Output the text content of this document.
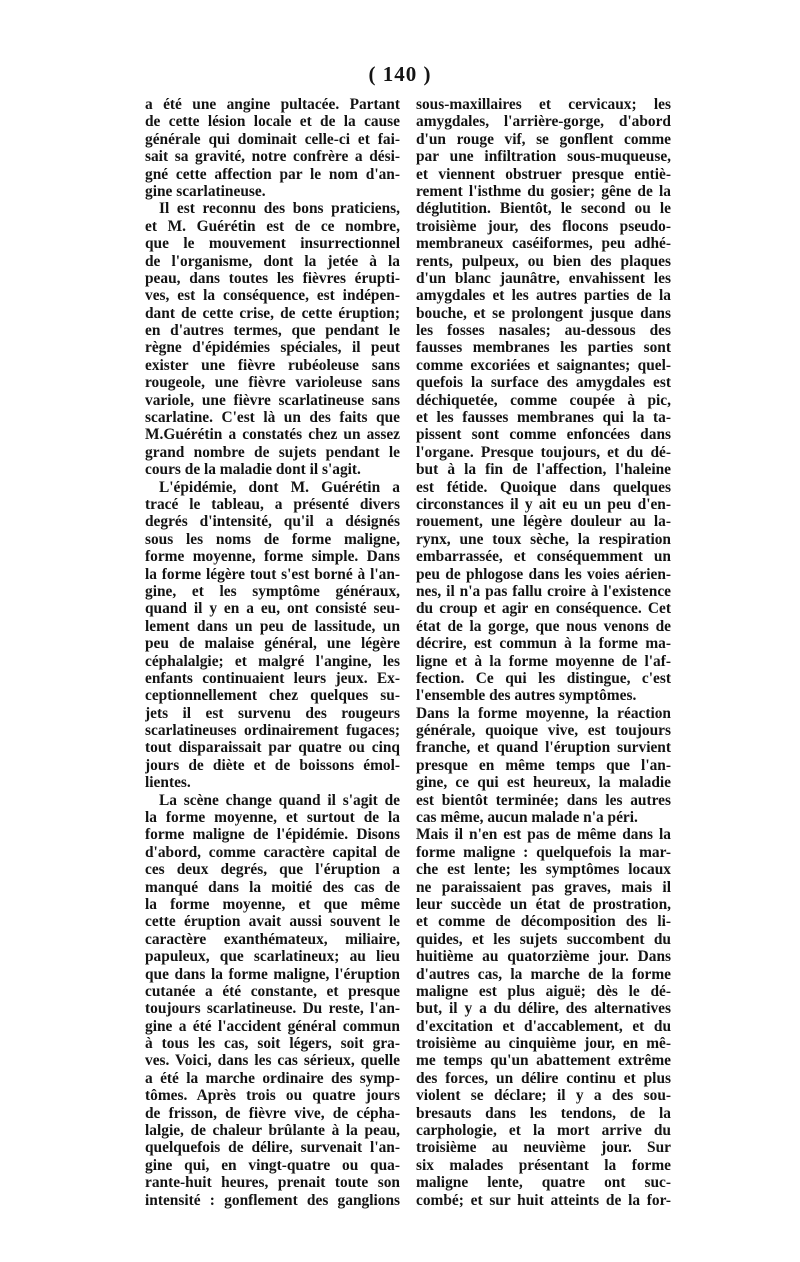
( 140 )
a été une angine pultacée. Partant
de cette lésion locale et de la cause
générale qui dominait celle-ci et fai-
sait sa gravité, notre confrère a dési-
gné cette affection par le nom d'an-
gine scarlatineuse.
Il est reconnu des bons praticiens,
et M. Guérétin est de ce nombre,
que le mouvement insurrectionnel
de l'organisme, dont la jetée à la
peau, dans toutes les fièvres érupti-
ves, est la conséquence, est indépen-
dant de cette crise, de cette éruption;
en d'autres termes, que pendant le
règne d'épidémies spéciales, il peut
exister une fièvre rubéoleuse sans
rougeole, une fièvre varioleuse sans
variole, une fièvre scarlatineuse sans
scarlatine. C'est là un des faits que
M.Guérétin a constatés chez un assez
grand nombre de sujets pendant le
cours de la maladie dont il s'agit.
L'épidémie, dont M. Guérétin a
tracé le tableau, a présenté divers
degrés d'intensité, qu'il a désignés
sous les noms de forme maligne,
forme moyenne, forme simple. Dans
la forme légère tout s'est borné à l'an-
gine, et les symptôme généraux,
quand il y en a eu, ont consisté seu-
lement dans un peu de lassitude, un
peu de malaise général, une légère
céphalalgie; et malgré l'angine, les
enfants continuaient leurs jeux. Ex-
ceptionnellement chez quelques su-
jets il est survenu des rougeurs
scarlatineuses ordinairement fugaces;
tout disparaissait par quatre ou cinq
jours de diète et de boissons émol-
lientes.
La scène change quand il s'agit de
la forme moyenne, et surtout de la
forme maligne de l'épidémie. Disons
d'abord, comme caractère capital de
ces deux degrés, que l'éruption a
manqué dans la moitié des cas de
la forme moyenne, et que même
cette éruption avait aussi souvent le
caractère exanthémateux, miliaire,
papuleux, que scarlatineux; au lieu
que dans la forme maligne, l'éruption
cutanée a été constante, et presque
toujours scarlatineuse. Du reste, l'an-
gine a été l'accident général commun
à tous les cas, soit légers, soit gra-
ves. Voici, dans les cas sérieux, quelle
a été la marche ordinaire des symp-
tômes. Après trois ou quatre jours
de frisson, de fièvre vive, de cépha-
lalgie, de chaleur brûlante à la peau,
quelquefois de délire, survenait l'an-
gine qui, en vingt-quatre ou qua-
rante-huit heures, prenait toute son
intensité : gonflement des ganglions
sous-maxillaires et cervicaux; les
amygdales, l'arrière-gorge, d'abord
d'un rouge vif, se gonflent comme
par une infiltration sous-muqueuse,
et viennent obstruer presque entiè-
rement l'isthme du gosier; gêne de la
déglutition. Bientôt, le second ou le
troisième jour, des flocons pseudo-
membraneux caséiformes, peu adhé-
rents, pulpeux, ou bien des plaques
d'un blanc jaunâtre, envahissent les
amygdales et les autres parties de la
bouche, et se prolongent jusque dans
les fosses nasales; au-dessous des
fausses membranes les parties sont
comme excoriées et saignantes; quel-
quefois la surface des amygdales est
déchiquetée, comme coupée à pic,
et les fausses membranes qui la ta-
pissent sont comme enfoncées dans
l'organe. Presque toujours, et du dé-
but à la fin de l'affection, l'haleine
est fétide. Quoique dans quelques
circonstances il y ait eu un peu d'en-
rouement, une légère douleur au la-
rynx, une toux sèche, la respiration
embarrassée, et conséquemment un
peu de phlogose dans les voies aérien-
nes, il n'a pas fallu croire à l'existence
du croup et agir en conséquence. Cet
état de la gorge, que nous venons de
décrire, est commun à la forme ma-
ligne et à la forme moyenne de l'af-
fection. Ce qui les distingue, c'est
l'ensemble des autres symptômes.
Dans la forme moyenne, la réaction
générale, quoique vive, est toujours
franche, et quand l'éruption survient
presque en même temps que l'an-
gine, ce qui est heureux, la maladie
est bientôt terminée; dans les autres
cas même, aucun malade n'a péri.
Mais il n'en est pas de même dans la
forme maligne : quelquefois la mar-
che est lente; les symptômes locaux
ne paraissaient pas graves, mais il
leur succède un état de prostration,
et comme de décomposition des li-
quides, et les sujets succombent du
huitième au quatorzième jour. Dans
d'autres cas, la marche de la forme
maligne est plus aiguë; dès le dé-
but, il y a du délire, des alternatives
d'excitation et d'accablement, et du
troisième au cinquième jour, en mê-
me temps qu'un abattement extrême
des forces, un délire continu et plus
violent se déclare; il y a des sou-
bresauts dans les tendons, de la
carphologie, et la mort arrive du
troisième au neuvième jour. Sur
six malades présentant la forme
maligne lente, quatre ont suc-
combé; et sur huit atteints de la for-
